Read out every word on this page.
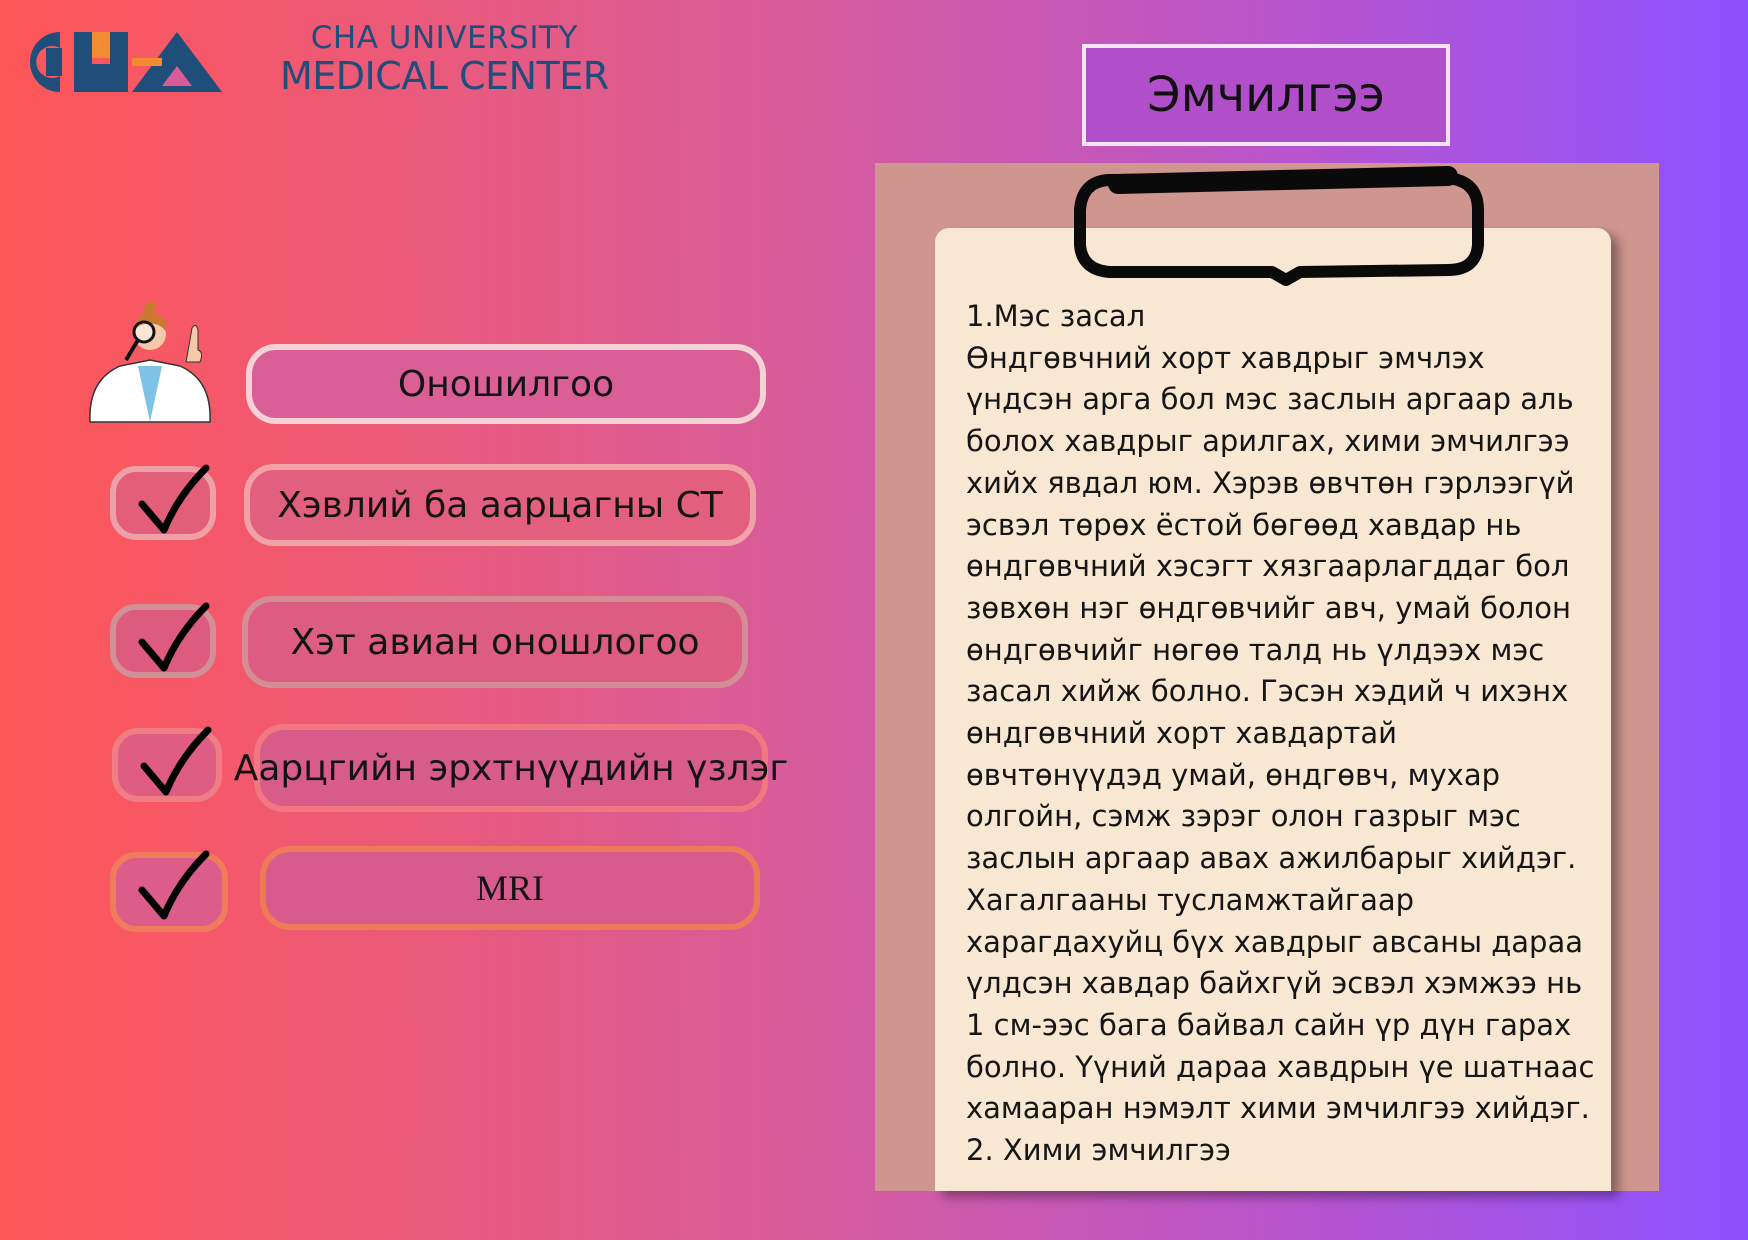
CHA UNIVERSITY
MEDICAL CENTER	Эмчилгээ
1.Мэс засал
Өндгөвчний хорт хавдрыг эмчлэх
үндсэн арга бол мэс заслын аргаар аль
болох хавдрыг арилгах, хими эмчилгээ
хийх явдал юм. Хэрэв өвчтөн гэрлээгүй
эсвэл төрөх ёстой бөгөөд хавдар нь
өндгөвчний хэсэгт хязгаарлагддаг бол
зөвхөн нэг өндгөвчийг авч, умай болон
өндгөвчийг нөгөө талд нь үлдээх мэс
засал хийж болно. Гэсэн хэдий ч ихэнх
өндгөвчний хорт хавдартай
өвчтөнүүдэд умай, өндгөвч, мухар
олгойн, сэмж зэрэг олон газрыг мэс
заслын аргаар авах ажилбарыг хийдэг.
Хагалгааны тусламжтайгаар
харагдахуйц бүх хавдрыг авсаны дараа
үлдсэн хавдар байхгүй эсвэл хэмжээ нь
1 см-ээс бага байвал сайн үр дүн гарах
болно. Үүний дараа хавдрын үе шатнаас
хамааран нэмэлт хими эмчилгээ хийдэг.
2. Хими эмчилгээ
Оношилгоо
Хэвлий ба аарцагны СТ
Хэт авиан оношлогоо
Аарцгийн эрхтнүүдийн үзлэг
MRI
